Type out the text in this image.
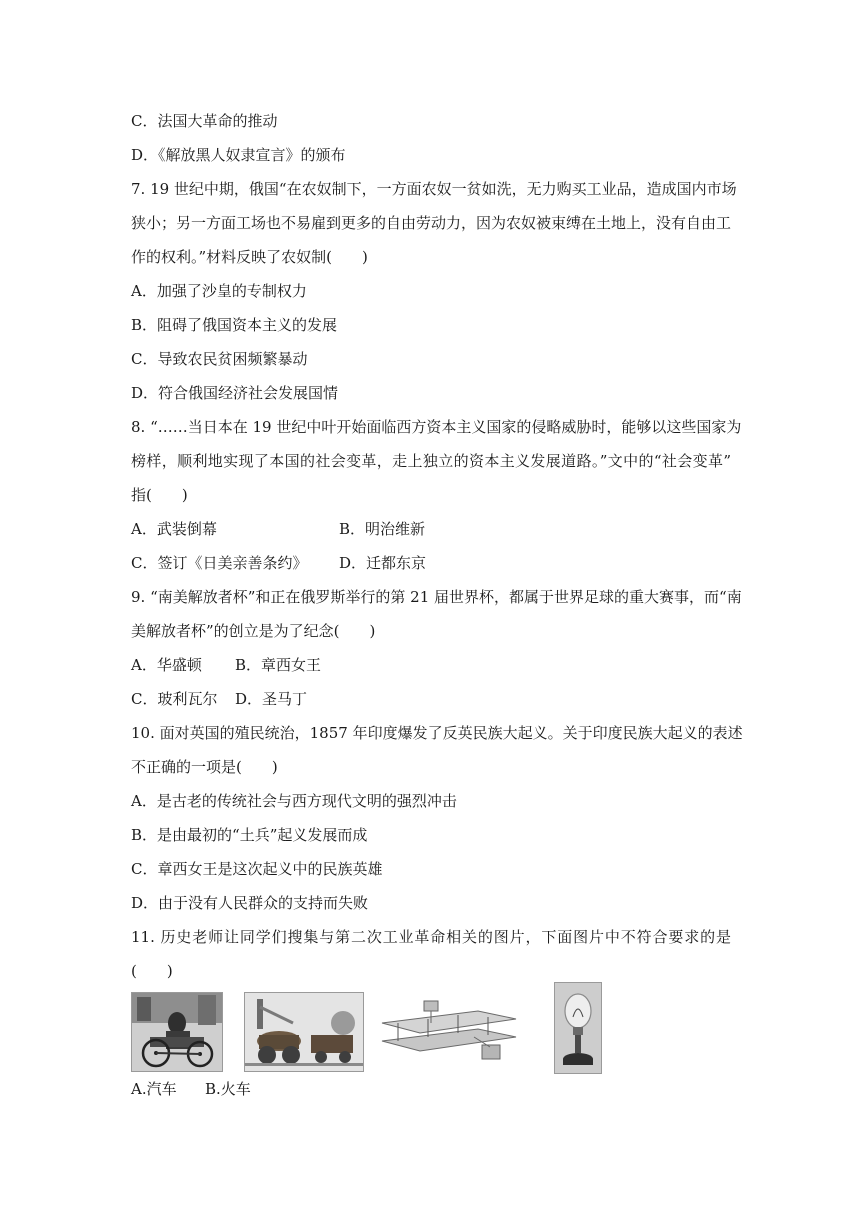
C．法国大革命的推动
D．《解放黑人奴隶宣言》的颁布
7. 19 世纪中期，俄国“在农奴制下，一方面农奴一贫如洗，无力购买工业品，造成国内市场
狭小；另一方面工场也不易雇到更多的自由劳动力，因为农奴被束缚在土地上，没有自由工
作的权利。”材料反映了农奴制(　　)
A．加强了沙皇的专制权力
B．阻碍了俄国资本主义的发展
C．导致农民贫困频繁暴动
D．符合俄国经济社会发展国情
8. “……当日本在 19 世纪中叶开始面临西方资本主义国家的侵略威胁时，能够以这些国家为
榜样，顺利地实现了本国的社会变革，走上独立的资本主义发展道路。”文中的“社会变革”
指(　　)
A．武装倒幕	B．明治维新
C．签订《日美亲善条约》	D．迁都东京
9. “南美解放者杯”和正在俄罗斯举行的第 21 届世界杯，都属于世界足球的重大赛事，而“南
美解放者杯”的创立是为了纪念(　　)
A．华盛顿	B．章西女王
C．玻利瓦尔	D．圣马丁
10. 面对英国的殖民统治，1857 年印度爆发了反英民族大起义。关于印度民族大起义的表述
不正确的一项是(　　)
A．是古老的传统社会与西方现代文明的强烈冲击
B．是由最初的“土兵”起义发展而成
C．章西女王是这次起义中的民族英雄
D．由于没有人民群众的支持而失败
11. 历史老师让同学们搜集与第二次工业革命相关的图片，下面图片中不符合要求的是
(　　)
A.汽车 B.火车
